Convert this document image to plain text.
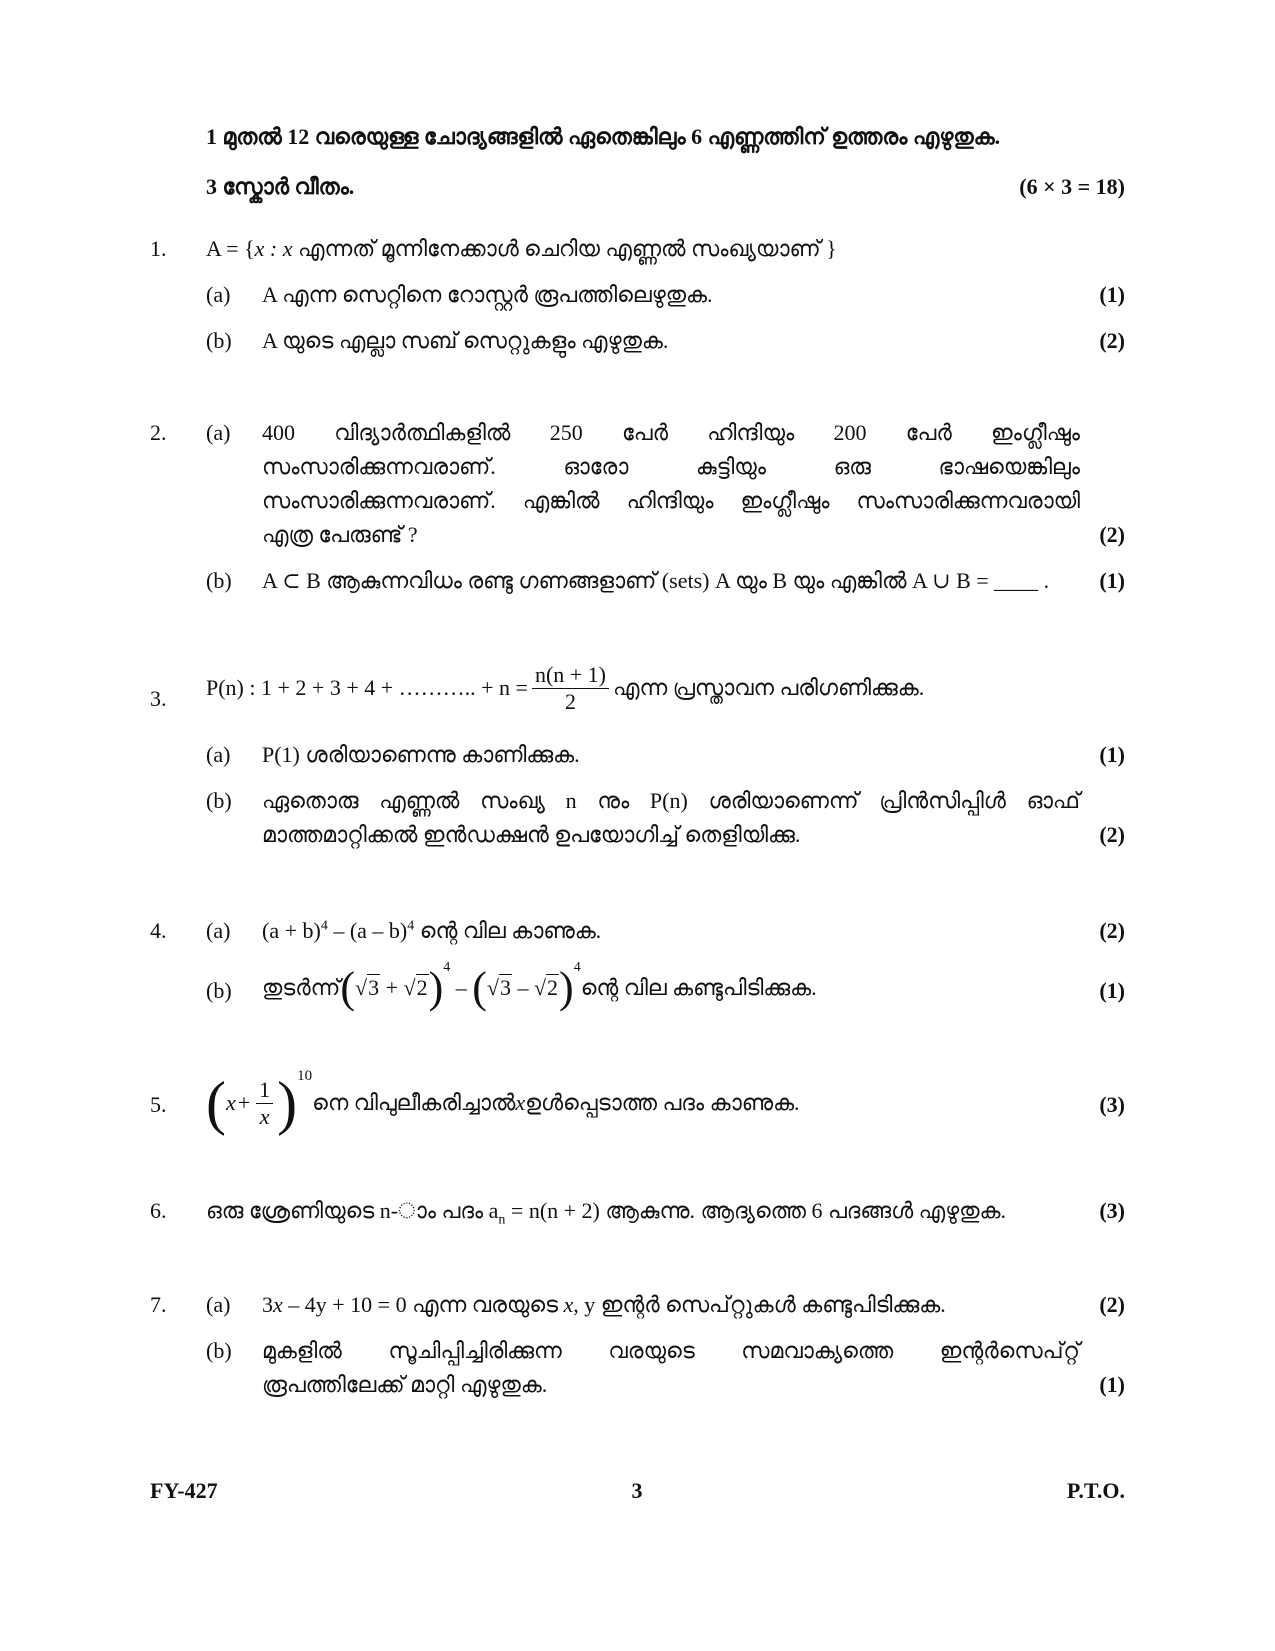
1 മുതൽ 12 വരെയുള്ള ചോദ്യങ്ങളിൽ ഏതെങ്കിലും 6 എണ്ണത്തിന് ഉത്തരം എഴുതുക.
3 സ്കോർ വീതം.	(6 × 3 = 18)
1.	A = {x : x എന്നത് മൂന്നിനേക്കാൾ ചെറിയ എണ്ണൽ സംഖ്യയാണ് }
(a)	A എന്ന സെറ്റിനെ റോസ്റ്റർ രൂപത്തിലെഴുതുക.	(1)
(b)	A യുടെ എല്ലാ സബ് സെറ്റുകളും എഴുതുക.	(2)
2.	(a)	400 വിദ്യാർത്ഥികളിൽ 250 പേർ ഹിന്ദിയും 200 പേർ ഇംഗ്ലീഷും
സംസാരിക്കുന്നവരാണ്. ഓരോ കുട്ടിയും ഒരു ഭാഷയെങ്കിലും
സംസാരിക്കുന്നവരാണ്. എങ്കിൽ ഹിന്ദിയും ഇംഗ്ലീഷും സംസാരിക്കുന്നവരായി
എത്ര പേരുണ്ട് ?	(2)
(b)	A ⊂ B ആകുന്നവിധം രണ്ടു ഗണങ്ങളാണ് (sets) A യും B യും എങ്കിൽ A ∪ B = ____ . (1)
3.	P(n) : 1 + 2 + 3 + 4 + ……….. + $n = \frac{n(n + 1)}{2}$ എന്ന പ്രസ്താവന പരിഗണിക്കുക.
(a)	P(1) ശരിയാണെന്നു കാണിക്കുക.	(1)
(b)	ഏതൊരു എണ്ണൽ സംഖ്യ n നും P(n) ശരിയാണെന്ന് പ്രിൻസിപ്പിൾ ഓഫ്
മാത്തമാറ്റിക്കൽ ഇൻഡക്ഷൻ ഉപയോഗിച്ച് തെളിയിക്കു.	(2)
4.	(a)	$(a + b)^4 - (a - b)^4$ ന്റെ വില കാണുക.	(2)
(b)	തുടർന്ന് ( √3 + √2 ) 4
– ( √3 – √2 ) 4
ന്റെ വില കണ്ടുപിടിക്കുക.	(1)
5. ( $x + \frac{1}{x} )^{10}$
നെ വിപുലീകരിച്ചാൽ x ഉൾപ്പെടാത്ത പദം കാണുക.	(3)
6.	ഒരു ശ്രേണിയുടെ n-ാം പദം $a_n = n(n + 2)$ ആകുന്നു. ആദ്യത്തെ 6 പദങ്ങൾ എഴുതുക.	(3)
7.	(a)	3x – 4y + 10 = 0 എന്ന വരയുടെ x, y ഇന്റർ സെപ്റ്റുകൾ കണ്ടുപിടിക്കുക.	(2)
(b)	മുകളിൽ സൂചിപ്പിച്ചിരിക്കുന്ന വരയുടെ സമവാക്യത്തെ ഇന്റർസെപ്റ്റ്
രൂപത്തിലേക്ക് മാറ്റി എഴുതുക.	(1)
FY-427	3	P.T.O.
